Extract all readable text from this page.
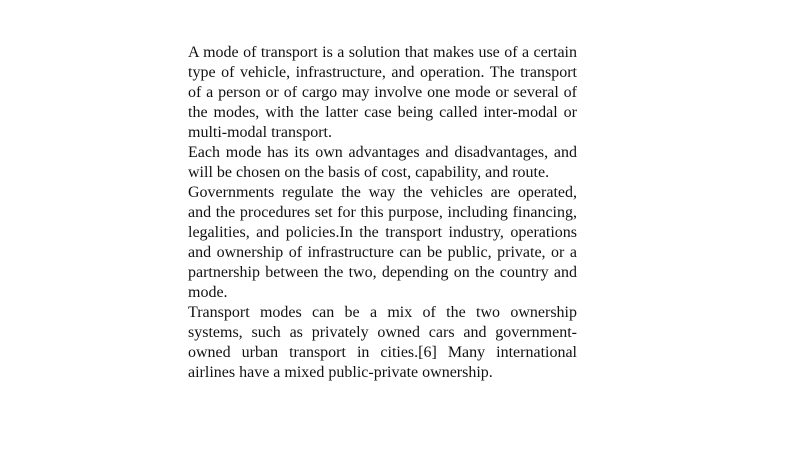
A mode of transport is a solution that makes use of a certain type of vehicle, infrastructure, and operation. The transport of a person or of cargo may involve one mode or several of the modes, with the latter case being called inter-modal or multi-modal transport.

Each mode has its own advantages and disadvantages, and will be chosen on the basis of cost, capability, and route.

Governments regulate the way the vehicles are operated, and the procedures set for this purpose, including financing, legalities, and policies.In the transport industry, operations and ownership of infrastructure can be public, private, or a partnership between the two, depending on the country and mode.

Transport modes can be a mix of the two ownership systems, such as privately owned cars and government-owned urban transport in cities.[6] Many international airlines have a mixed public-private ownership.
